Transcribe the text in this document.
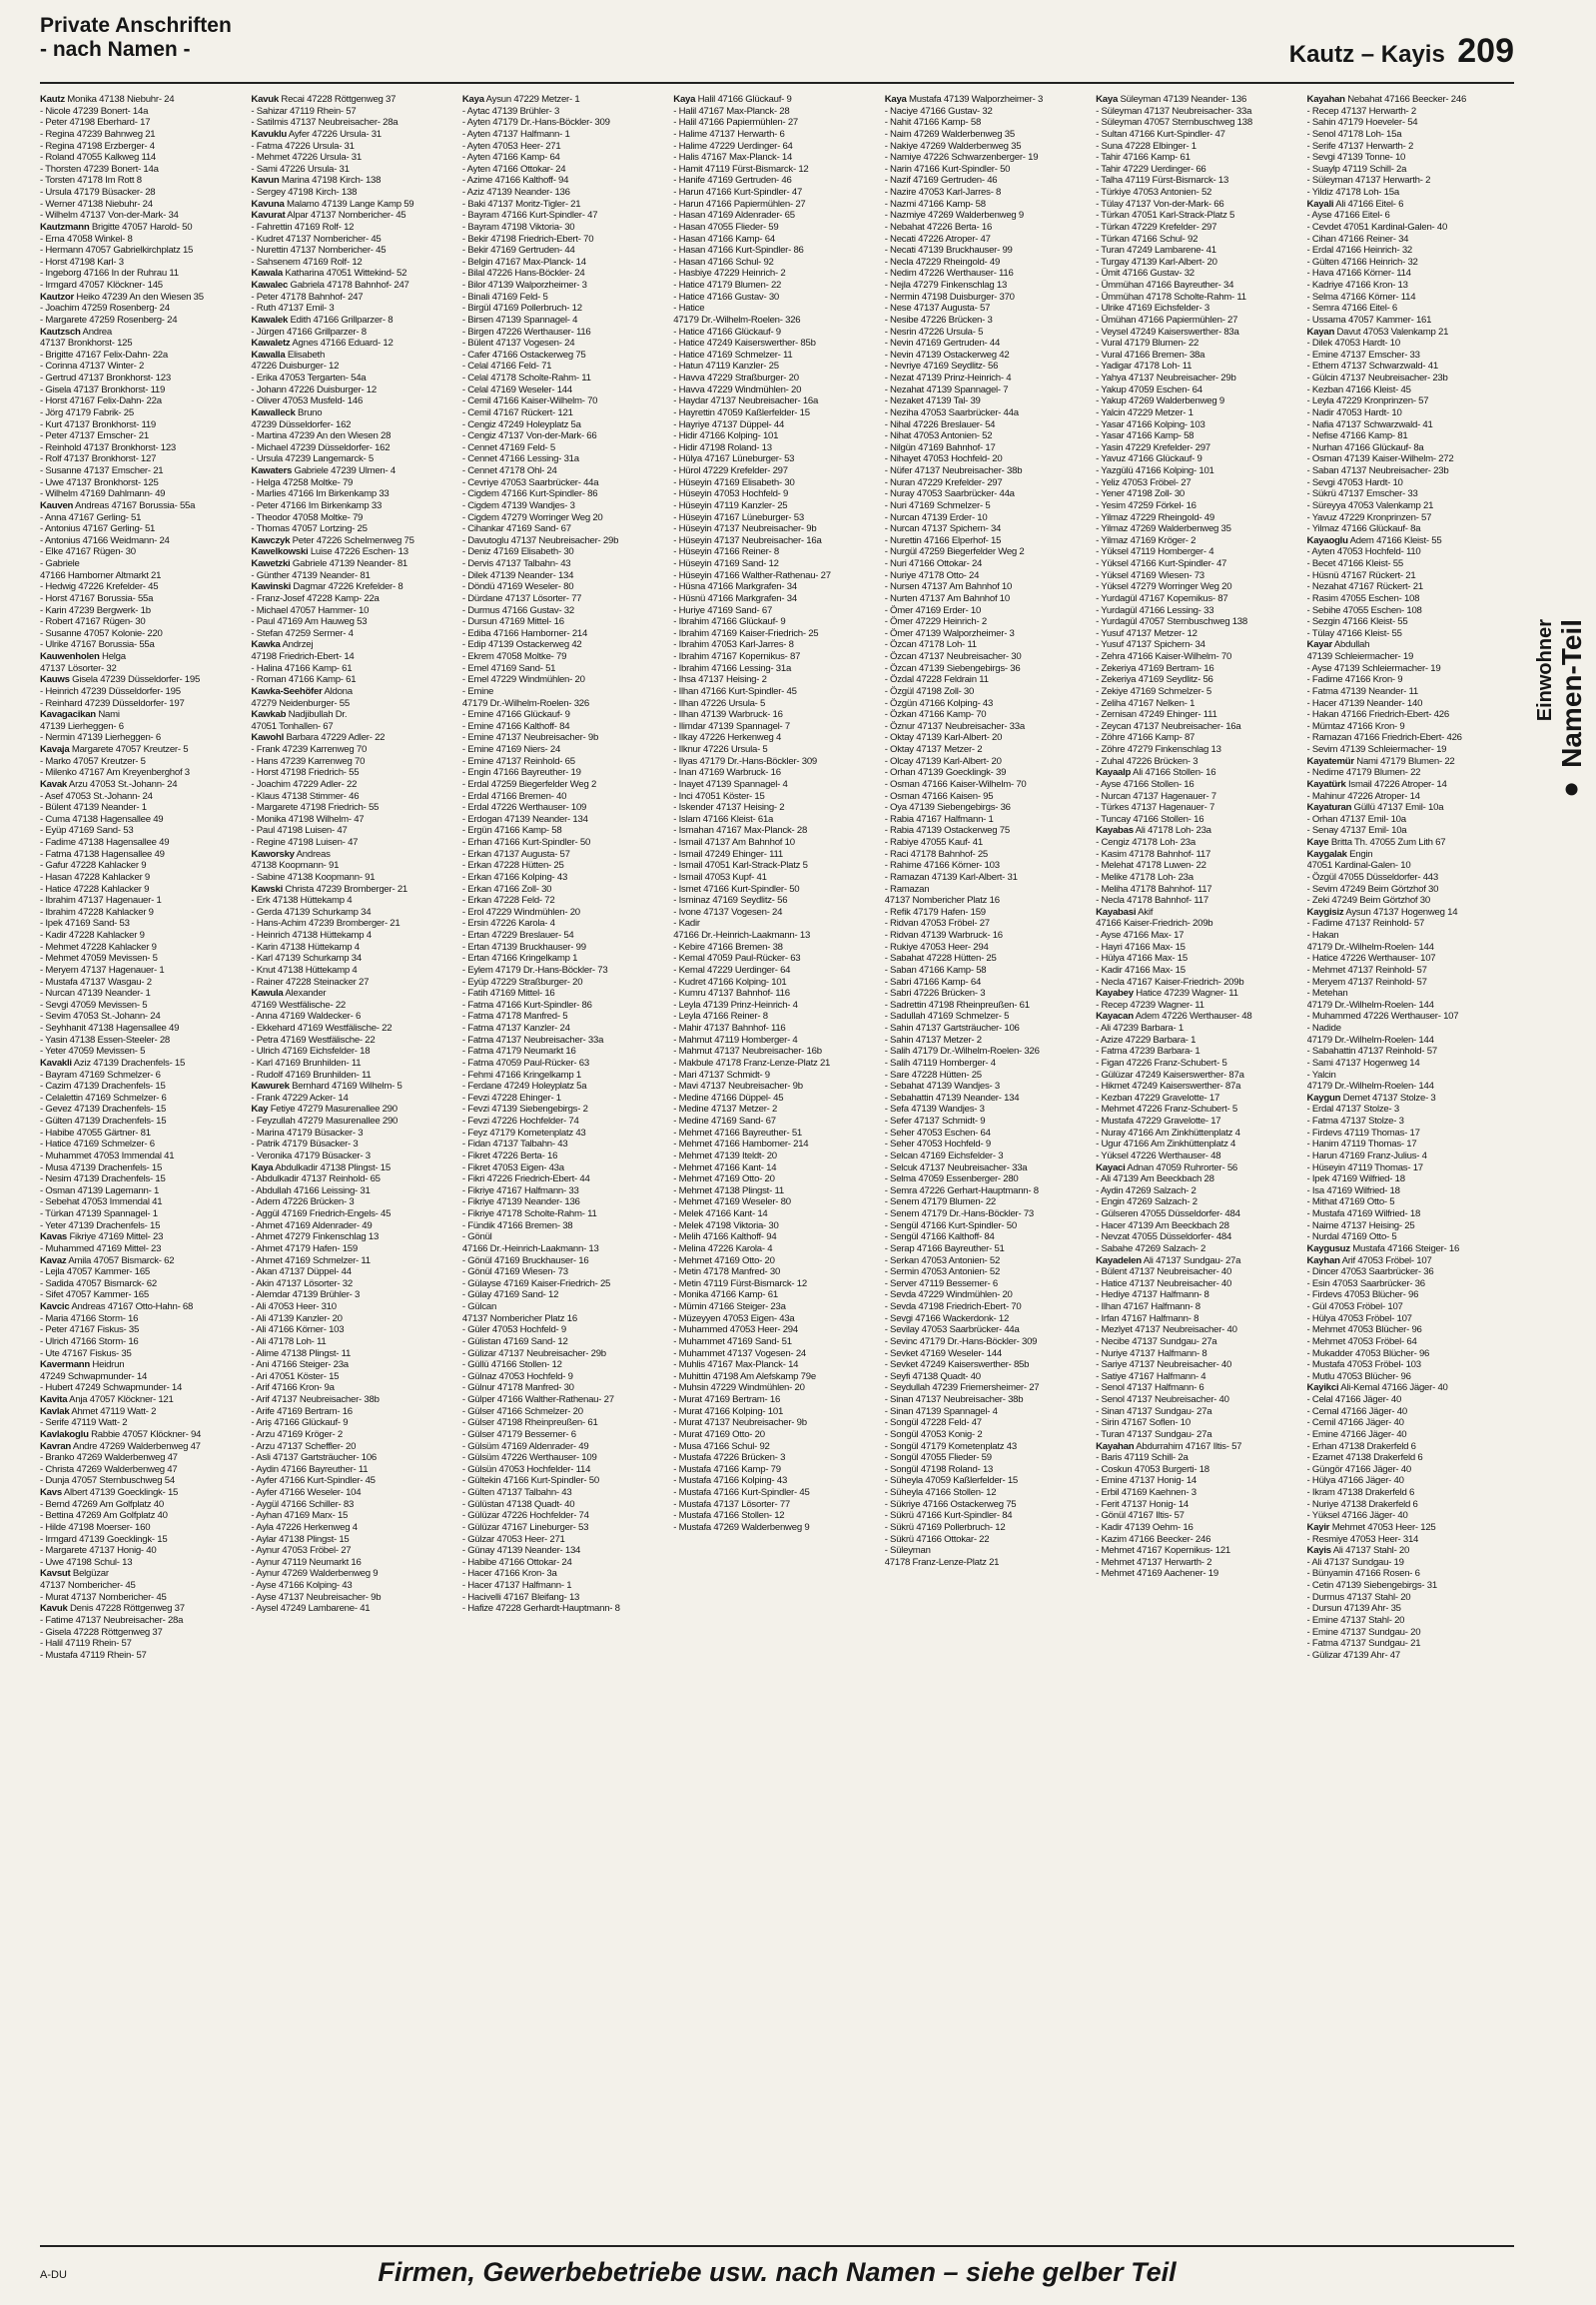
Private Anschriften
- nach Namen -	Kautz – Kayis 209
Kautz Monika 47138 Niebuhr- 24
- Nicole 47239 Bonert- 14a
- Peter 47198 Eberhard- 17
- Regina 47239 Bahnweg 21
- Regina 47198 Erzberger- 4
- Roland 47055 Kalkweg 114
- Thorsten 47239 Bonert- 14a
- Torsten 47178 Im Rott 8
- Ursula 47179 Büsacker- 28
- Werner 47138 Niebuhr- 24
- Wilhelm 47137 Von-der-Mark- 34
Kautzmann Brigitte 47057 Harold- 50
- Erna 47058 Winkel- 8
- Hermann 47057 Gabrielkirchplatz 15
- Horst 47198 Karl- 3
- Ingeborg 47166 In der Ruhrau 11
- Irmgard 47057 Klöckner- 145
Kautzor Heiko 47239 An den Wiesen 35
- Joachim 47259 Rosenberg- 24
- Margarete 47259 Rosenberg- 24
Kautzsch Andrea
47137 Bronkhorst- 125
- Brigitte 47167 Felix-Dahn- 22a
- Corinna 47137 Winter- 2
- Gertrud 47137 Bronkhorst- 123
- Gisela 47137 Bronkhorst- 119
- Horst 47167 Felix-Dahn- 22a
- Jörg 47179 Fabrik- 25
- Kurt 47137 Bronkhorst- 119
- Peter 47137 Emscher- 21
- Reinhold 47137 Bronkhorst- 123
- Rolf 47137 Bronkhorst- 127
- Susanne 47137 Emscher- 21
- Uwe 47137 Bronkhorst- 125
- Wilhelm 47169 Dahlmann- 49
Kauven Andreas 47167 Borussia- 55a
- Anna 47167 Gerling- 51
- Antonius 47167 Gerling- 51
- Antonius 47166 Weidmann- 24
- Elke 47167 Rügen- 30
- Gabriele
47166 Hamborner Altmarkt 21
- Hedwig 47226 Krefelder- 45
- Horst 47167 Borussia- 55a
- Karin 47239 Bergwerk- 1b
- Robert 47167 Rügen- 30
- Susanne 47057 Kolonie- 220
- Ulrike 47167 Borussia- 55a
Kauwenholen Helga
47137 Lösorter- 32
Kauws Gisela 47239 Düsseldorfer- 195
- Heinrich 47239 Düsseldorfer- 195
- Reinhard 47239 Düsseldorfer- 197
Kavagacikan Nami
47139 Lierheggen- 6
- Nermin 47139 Lierheggen- 6
Kavaja Margarete 47057 Kreutzer- 5
- Marko 47057 Kreutzer- 5
- Milenko 47167 Am Kreyenberghof 3
Kavak Arzu 47053 St.-Johann- 24
- Asef 47053 St.-Johann- 24
- Bülent 47139 Neander- 1
- Cuma 47138 Hagensallee 49
- Eyüp 47169 Sand- 53
- Fadime 47138 Hagensallee 49
- Fatma 47138 Hagensallee 49
- Gafur 47228 Kahlacker 9
- Hasan 47228 Kahlacker 9
- Hatice 47228 Kahlacker 9
- Ibrahim 47137 Hagenauer- 1
- Ibrahim 47228 Kahlacker 9
- Ipek 47169 Sand- 53
- Kadir 47228 Kahlacker 9
- Mehmet 47228 Kahlacker 9
- Mehmet 47059 Mevissen- 5
- Meryem 47137 Hagenauer- 1
- Mustafa 47137 Wasgau- 2
- Nurcan 47139 Neander- 1
- Sevgi 47059 Mevissen- 5
- Sevim 47053 St.-Johann- 24
- Seyhhanit 47138 Hagensallee 49
- Yasin 47138 Essen-Steeler- 28
- Yeter 47059 Mevissen- 5
Kavakli Aziz 47139 Drachenfels- 15
- Bayram 47169 Schmelzer- 6
- Cazim 47139 Drachenfels- 15
- Celalettin 47169 Schmelzer- 6
- Gevez 47139 Drachenfels- 15
- Gülten 47139 Drachenfels- 15
- Habibe 47055 Gärtner- 81
- Hatice 47169 Schmelzer- 6
- Muhammet 47053 Immendal 41
- Musa 47139 Drachenfels- 15
- Nesim 47139 Drachenfels- 15
- Osman 47139 Lagemann- 1
- Sebehat 47053 Immendal 41
- Türkan 47139 Spannagel- 1
- Yeter 47139 Drachenfels- 15
Kavas Fikriye 47169 Mittel- 23
- Muhammed 47169 Mittel- 23
Kavaz Amila 47057 Bismarck- 62
- Lejla 47057 Kammer- 165
- Sadida 47057 Bismarck- 62
- Sifet 47057 Kammer- 165
Kavcic Andreas 47167 Otto-Hahn- 68
- Maria 47166 Storm- 16
- Peter 47167 Fiskus- 35
- Ulrich 47166 Storm- 16
- Ute 47167 Fiskus- 35
Kavermann Heidrun
47249 Schwapmunder- 14
- Hubert 47249 Schwapmunder- 14
Kavita Anja 47057 Klöckner- 121
Kavlak Ahmet 47119 Watt- 2
- Serife 47119 Watt- 2
Kavlakoglu Rabbie 47057 Klöckner- 94
Kavran Andre 47269 Walderbenweg 47
- Branko 47269 Walderbenweg 47
- Christa 47269 Walderbenweg 47
- Dunja 47057 Sternbuschweg 54
Kavs Albert 47139 Goecklingk- 15
- Bernd 47269 Am Golfplatz 40
- Bettina 47269 Am Golfplatz 40
- Hilde 47198 Moerser- 160
- Irmgard 47139 Goecklingk- 15
- Margarete 47137 Honig- 40
- Uwe 47198 Schul- 13
Kavsut Belgüzar
47137 Nombericher- 45
- Murat 47137 Nombericher- 45
Kavuk Denis 47228 Röttgenweg 37
- Fatime 47137 Neubreisacher- 28a
- Gisela 47228 Röttgenweg 37
- Halil 47119 Rhein- 57
- Mustafa 47119 Rhein- 57
Kavuk Recai 47228 Röttgenweg 37
- Sahizar 47119 Rhein- 57
- Satilmis 47137 Neubreisacher- 28a
Kavuklu Ayfer 47226 Ursula- 31
- Fatma 47226 Ursula- 31
- Mehmet 47226 Ursula- 31
- Sami 47226 Ursula- 31
Kavun Marina 47198 Kirch- 138
- Sergey 47198 Kirch- 138
Kavuna Malamo 47139 Lange Kamp 59
Kavurat Alpar 47137 Nombericher- 45
- Fahrettin 47169 Rolf- 12
- Kudret 47137 Nombericher- 45
- Nurettin 47137 Nombericher- 45
- Sahsenem 47169 Rolf- 12
Kawala Katharina 47051 Wittekind- 52
Kawalec Gabriela 47178 Bahnhof- 247
- Peter 47178 Bahnhof- 247
- Ruth 47137 Emil- 3
Kawalek Edith 47166 Grillparzer- 8
- Jürgen 47166 Grillparzer- 8
Kawaletz Agnes 47166 Eduard- 12
Kawalla Elisabeth
47226 Duisburger- 12
- Erika 47053 Tergarten- 54a
- Johann 47226 Duisburger- 12
- Oliver 47053 Musfeld- 146
Kawalleck Bruno
47239 Düsseldorfer- 162
- Martina 47239 An den Wiesen 28
- Michael 47239 Düsseldorfer- 162
- Ursula 47239 Langemarck- 5
Kawaters Gabriele 47239 Ulmen- 4
- Helga 47258 Moltke- 79
- Marlies 47166 Im Birkenkamp 33
- Peter 47166 Im Birkenkamp 33
- Theodor 47058 Moltke- 79
- Thomas 47057 Lortzing- 25
Kawczyk Peter 47226 Schelmenweg 75
Kawelkowski Luise 47226 Eschen- 13
Kawetzki Gabriele 47139 Neander- 81
- Günther 47139 Neander- 81
Kawinski Dagmar 47226 Krefelder- 8
- Franz-Josef 47228 Kamp- 22a
- Michael 47057 Hammer- 10
- Paul 47169 Am Hauweg 53
- Stefan 47259 Sermer- 4
Kawka Andrzej
47198 Friedrich-Ebert- 14
- Halina 47166 Kamp- 61
- Roman 47166 Kamp- 61
Kawka-Seehöfer Aldona
47279 Neidenburger- 55
Kawkab Nadjibullah Dr.
47051 Tonhallen- 67
Kawohl Barbara 47229 Adler- 22
- Frank 47239 Karrenweg 70
- Hans 47239 Karrenweg 70
- Horst 47198 Friedrich- 55
- Joachim 47229 Adler- 22
- Klaus 47138 Stimmer- 46
- Margarete 47198 Friedrich- 55
- Monika 47198 Wilhelm- 47
- Paul 47198 Luisen- 47
- Regine 47198 Luisen- 47
Kaworsky Andreas
47138 Koopmann- 91
- Sabine 47138 Koopmann- 91
Kawski Christa 47239 Bromberger- 21
- Erk 47138 Hüttekamp 4
- Gerda 47139 Schurkamp 34
- Hans-Achim 47239 Bromberger- 21
- Heinrich 47138 Hüttekamp 4
- Karin 47138 Hüttekamp 4
- Karl 47139 Schurkamp 34
- Knut 47138 Hüttekamp 4
- Rainer 47228 Steinacker 27
Kawula Alexander
47169 Westfälische- 22
- Anna 47169 Waldecker- 6
- Ekkehard 47169 Westfälische- 22
- Petra 47169 Westfälische- 22
- Ulrich 47169 Eichsfelder- 18
- Karl 47169 Brunhilden- 11
- Rudolf 47169 Brunhilden- 11
Kawurek Bernhard 47169 Wilhelm- 5
- Frank 47229 Acker- 14
Kay Fetiye 47279 Masurenallee 290
- Feyzullah 47279 Masurenallee 290
- Marina 47179 Büsacker- 3
- Patrik 47179 Büsacker- 3
- Veronika 47179 Büsacker- 3
Kaya Abdulkadir 47138 Plingst- 15
- Abdulkadir 47137 Reinhold- 65
- Abdullah 47166 Leissing- 31
- Adem 47226 Brücken- 3
- Aggül 47169 Friedrich-Engels- 45
- Ahmet 47169 Aldenrader- 49
- Ahmet 47279 Finkenschlag 13
- Ahmet 47179 Hafen- 159
- Ahmet 47169 Schmelzer- 11
- Akan 47137 Düppel- 44
- Akin 47137 Lösorter- 32
- Alemdar 47139 Brühler- 3
- Ali 47053 Heer- 310
- Ali 47139 Kanzler- 20
- Ali 47166 Körner- 103
- Ali 47178 Loh- 11
- Alime 47138 Plingst- 11
- Ani 47166 Steiger- 23a
- Ari 47051 Köster- 15
- Arif 47166 Kron- 9a
- Arif 47137 Neubreisacher- 38b
- Arife 47169 Bertram- 16
- Ariş 47166 Glückauf- 9
- Arzu 47169 Kröger- 2
- Arzu 47137 Scheffler- 20
- Asli 47137 Gartsträucher- 106
- Aydin 47166 Bayreuther- 11
- Ayfer 47166 Kurt-Spindler- 45
- Ayfer 47166 Weseler- 104
- Aygül 47166 Schiller- 83
- Ayhan 47169 Marx- 15
- Ayla 47226 Herkenweg 4
- Aylar 47138 Plingst- 15
- Aynur 47053 Fröbel- 27
- Aynur 47119 Neumarkt 16
- Aynur 47269 Walderbenweg 9
- Ayse 47166 Kolping- 43
- Ayse 47137 Neubreisacher- 9b
- Aysel 47249 Lambarene- 41
Kaya Aysun 47229 Metzer- 1
- Aytac 47139 Brühler- 3
- Ayten 47179 Dr.-Hans-Böckler- 309
- Ayten 47137 Halfmann- 1
- Ayten 47053 Heer- 271
- Ayten 47166 Kamp- 64
- Ayten 47166 Ottokar- 24
- Azime 47166 Kalthoff- 94
- Aziz 47139 Neander- 136
- Baki 47137 Moritz-Tigler- 21
- Bayram 47166 Kurt-Spindler- 47
- Bayram 47198 Viktoria- 30
- Bekir 47198 Friedrich-Ebert- 70
- Bekir 47169 Gertruden- 44
- Belgin 47167 Max-Planck- 14
- Bilal 47226 Hans-Böckler- 24
- Bilor 47139 Walporzheimer- 3
- Binali 47169 Feld- 5
- Birgül 47169 Pollerbruch- 12
- Birsen 47139 Spannagel- 4
- Birgen 47226 Werthauser- 116
- Bülent 47137 Vogesen- 24
- Cafer 47166 Ostackerweg 75
- Celal 47166 Feld- 71
- Celal 47178 Scholte-Rahm- 11
- Celal 47169 Weseler- 144
- Cemil 47166 Kaiser-Wilhelm- 70
- Cemil 47167 Rückert- 121
- Cengiz 47249 Holeyplatz 5a
- Cengiz 47137 Von-der-Mark- 66
- Cennet 47169 Feld- 5
- Cennet 47166 Lessing- 31a
- Cennet 47178 Ohl- 24
- Cevriye 47053 Saarbrücker- 44a
- Cigdem 47166 Kurt-Spindler- 86
- Cigdem 47139 Wandjes- 3
- Cigdem 47279 Worringer Weg 20
- Cihankar 47169 Sand- 67
- Davutoglu 47137 Neubreisacher- 29b
- Deniz 47169 Elisabeth- 30
- Dervis 47137 Talbahn- 43
- Dilek 47139 Neander- 134
- Döndü 47169 Weseler- 80
- Dürdane 47137 Lösorter- 77
- Durmus 47166 Gustav- 32
- Dursun 47169 Mittel- 16
- Ediba 47166 Hamborner- 214
- Edip 47139 Ostackerweg 42
- Ekrem 47058 Moltke- 79
- Emel 47169 Sand- 51
- Emel 47229 Windmühlen- 20
- Emine
47179 Dr.-Wilhelm-Roelen- 326
- Emine 47166 Glückauf- 9
- Emine 47166 Kalthoff- 84
- Emine 47137 Neubreisacher- 9b
- Emine 47169 Niers- 24
- Emine 47137 Reinhold- 65
- Engin 47166 Bayreuther- 19
- Erdal 47259 Biegerfelder Weg 2
- Erdal 47166 Bremen- 40
- Erdal 47226 Werthauser- 109
- Erdogan 47139 Neander- 134
- Ergün 47166 Kamp- 58
- Erhan 47166 Kurt-Spindler- 50
- Erkan 47137 Augusta- 57
- Erkan 47228 Hütten- 25
- Erkan 47166 Kolping- 43
- Erkan 47166 Zoll- 30
- Erkan 47228 Feld- 72
- Erol 47229 Windmühlen- 20
- Ersin 47226 Karola- 4
- Ertan 47229 Breslauer- 54
- Ertan 47139 Bruckhauser- 99
- Ertan 47166 Kringelkamp 1
- Eylem 47179 Dr.-Hans-Böckler- 73
- Eyüp 47229 Straßburger- 20
- Fatih 47169 Mittel- 16
- Fatma 47166 Kurt-Spindler- 86
- Fatma 47178 Manfred- 5
- Fatma 47137 Kanzler- 24
- Fatma 47137 Neubreisacher- 33a
- Fatma 47179 Neumarkt 16
- Fatma 47059 Paul-Rücker- 63
- Fehmi 47166 Kringelkamp 1
- Ferdane 47249 Holeyplatz 5a
- Fevzi 47228 Ehinger- 1
- Fevzi 47139 Siebengebirgs- 2
- Fevzi 47226 Hochfelder- 74
- Feyz 47179 Kometenplatz 43
- Fidan 47137 Talbahn- 43
- Fikret 47226 Berta- 16
- Fikret 47053 Eigen- 43a
- Fikri 47226 Friedrich-Ebert- 44
- Fikriye 47167 Halfmann- 33
- Fikriye 47139 Neander- 136
- Fikriye 47178 Scholte-Rahm- 11
- Fündik 47166 Bremen- 38
- Gönül
47166 Dr.-Heinrich-Laakmann- 13
- Gönül 47169 Bruckhauser- 16
- Gönül 47169 Wiesen- 73
- Gülayse 47169 Kaiser-Friedrich- 25
- Gülay 47169 Sand- 12
- Gülcan
47137 Nombericher Platz 16
- Güler 47053 Hochfeld- 9
- Gülistan 47169 Sand- 12
- Gülizar 47137 Neubreisacher- 29b
- Güllü 47166 Stollen- 12
- Gülnaz 47053 Hochfeld- 9
- Gülnur 47178 Manfred- 30
- Gülper 47166 Walther-Rathenau- 27
- Gülser 47166 Schmelzer- 20
- Gülser 47198 Rheinpreußen- 61
- Gülser 47179 Bessemer- 6
- Gülsüm 47169 Aldenrader- 49
- Gülsüm 47226 Werthauser- 109
- Gülsün 47053 Hochfelder- 114
- Gültekin 47166 Kurt-Spindler- 50
- Gülten 47137 Talbahn- 43
- Gülüstan 47138 Quadt- 40
- Gülüzar 47226 Hochfelder- 74
- Gülüzar 47167 Lineburger- 53
- Gülzar 47053 Heer- 271
- Günay 47139 Neander- 134
- Habibe 47166 Ottokar- 24
- Hacer 47166 Kron- 3a
- Hacer 47137 Halfmann- 1
- Hacivelli 47167 Bleifang- 13
- Hafize 47228 Gerhardt-Hauptmann- 8
Kaya Halil 47166 Glückauf- 9
- Halil 47167 Max-Planck- 28
- Halil 47166 Papiermühlen- 27
- Halime 47137 Herwarth- 6
- Halime 47229 Uerdinger- 64
- Halis 47167 Max-Planck- 14
- Hamit 47119 Fürst-Bismarck- 12
- Hanife 47169 Gertruden- 46
- Harun 47166 Kurt-Spindler- 47
- Harun 47166 Papiermühlen- 27
- Hasan 47169 Aldenrader- 65
- Hasan 47055 Flieder- 59
- Hasan 47166 Kamp- 64
- Hasan 47166 Kurt-Spindler- 86
- Hasan 47166 Schul- 92
- Hasbiye 47229 Heinrich- 2
- Hatice 47179 Blumen- 22
- Hatice 47166 Gustav- 30
- Hatice
47179 Dr.-Wilhelm-Roelen- 326
- Hatice 47166 Glückauf- 9
- Hatice 47249 Kaiserswerther- 85b
- Hatice 47169 Schmelzer- 11
- Hatun 47119 Kanzler- 25
- Havva 47229 Straßburger- 20
- Havva 47229 Windmühlen- 20
- Haydar 47137 Neubreisacher- 16a
- Hayrettin 47059 Kaßlerfelder- 15
- Hayriye 47137 Düppel- 44
- Hidir 47166 Kolping- 101
- Hidir 47198 Roland- 13
- Hülya 47167 Lüneburger- 53
- Hürol 47229 Krefelder- 297
- Hüseyin 47169 Elisabeth- 30
- Hüseyin 47053 Hochfeld- 9
- Hüseyin 47119 Kanzler- 25
- Hüseyin 47167 Lüneburger- 53
- Hüseyin 47137 Neubreisacher- 9b
- Hüseyin 47137 Neubreisacher- 16a
- Hüseyin 47166 Reiner- 8
- Hüseyin 47169 Sand- 12
- Hüseyin 47166 Walther-Rathenau- 27
- Hüsna 47166 Markgrafen- 34
- Hüsnü 47166 Markgrafen- 34
- Huriye 47169 Sand- 67
- Ibrahim 47166 Glückauf- 9
- Ibrahim 47169 Kaiser-Friedrich- 25
- Ibrahim 47053 Karl-Jarres- 8
- Ibrahim 47167 Kopernikus- 87
- Ibrahim 47166 Lessing- 31a
- Ihsa 47137 Heising- 2
- Ilhan 47166 Kurt-Spindler- 45
- Ilhan 47226 Ursula- 5
- Ilhan 47139 Warbruck- 16
- Ilimdar 47139 Spannagel- 7
- Ilkay 47226 Herkenweg 4
- Ilknur 47226 Ursula- 5
- Ilyas 47179 Dr.-Hans-Böckler- 309
- Inan 47169 Warbruck- 16
- Inayet 47139 Spannagel- 4
- Inci 47051 Köster- 15
- Iskender 47137 Heising- 2
- Islam 47166 Kleist- 61a
- Ismahan 47167 Max-Planck- 28
- Ismail 47137 Am Bahnhof 10
- Ismail 47249 Ehinger- 111
- Ismail 47051 Karl-Strack-Platz 5
- Ismail 47053 Kupf- 41
- Ismet 47166 Kurt-Spindler- 50
- Isminaz 47169 Seydlitz- 56
- Ivone 47137 Vogesen- 24
- Kadir
47166 Dr.-Heinrich-Laakmann- 13
- Kebire 47166 Bremen- 38
- Kemal 47059 Paul-Rücker- 63
- Kemal 47229 Uerdinger- 64
- Kudret 47166 Kolping- 101
- Kumru 47137 Bahnhof- 116
- Leyla 47139 Prinz-Heinrich- 4
- Leyla 47166 Reiner- 8
- Mahir 47137 Bahnhof- 116
- Mahmut 47119 Homberger- 4
- Mahmut 47137 Neubreisacher- 16b
- Makbule 47178 Franz-Lenze-Platz 21
- Mari 47137 Schmidt- 9
- Mavi 47137 Neubreisacher- 9b
- Medine 47166 Düppel- 45
- Medine 47137 Metzer- 2
- Medine 47169 Sand- 67
- Mehmet 47166 Bayreuther- 51
- Mehmet 47166 Hamborner- 214
- Mehmet 47139 Iteldt- 20
- Mehmet 47166 Kant- 14
- Mehmet 47169 Otto- 20
- Mehmet 47138 Plingst- 11
- Mehmet 47169 Weseler- 80
- Melek 47166 Kant- 14
- Melek 47198 Viktoria- 30
- Melih 47166 Kalthoff- 94
- Melina 47226 Karola- 4
- Mehmet 47169 Otto- 20
- Metin 47178 Manfred- 30
- Metin 47119 Fürst-Bismarck- 12
- Monika 47166 Kamp- 61
- Mümin 47166 Steiger- 23a
- Müzeyyen 47053 Eigen- 43a
- Muhammed 47053 Heer- 294
- Muhammet 47169 Sand- 51
- Muhammet 47137 Vogesen- 24
- Muhlis 47167 Max-Planck- 14
- Muhittin 47198 Am Alefskamp 79e
- Muhsin 47229 Windmühlen- 20
- Murat 47169 Bertram- 16
- Murat 47166 Kolping- 101
- Murat 47137 Neubreisacher- 9b
- Murat 47169 Otto- 20
- Musa 47166 Schul- 92
- Mustafa 47226 Brücken- 3
- Mustafa 47166 Kamp- 79
- Mustafa 47166 Kolping- 43
- Mustafa 47166 Kurt-Spindler- 45
- Mustafa 47137 Lösorter- 77
- Mustafa 47166 Stollen- 12
- Mustafa 47269 Walderbenweg 9
Kaya Mustafa 47139 Walporzheimer- 3
- Naciye 47166 Gustav- 32
- Nahit 47166 Kamp- 58
- Naim 47269 Walderbenweg 35
- Nakiye 47269 Walderbenweg 35
- Namiye 47226 Schwarzenberger- 19
- Narin 47166 Kurt-Spindler- 50
- Nazif 47169 Gertruden- 46
- Nazire 47053 Karl-Jarres- 8
- Nazmi 47166 Kamp- 58
- Nazmiye 47269 Walderbenweg 9
- Nebahat 47226 Berta- 16
- Necati 47226 Atroper- 47
- Necati 47139 Bruckhauser- 99
- Necla 47229 Rheingold- 49
- Nedim 47226 Werthauser- 116
- Nejla 47279 Finkenschlag 13
- Nermin 47198 Duisburger- 370
- Nese 47137 Augusta- 57
- Nesibe 47226 Brücken- 3
- Nesrin 47226 Ursula- 5
- Nevin 47169 Gertruden- 44
- Nevin 47139 Ostackerweg 42
- Nevriye 47169 Seydlitz- 56
- Nezat 47139 Prinz-Heinrich- 4
- Nezahat 47139 Spannagel- 7
- Nezaket 47139 Tal- 39
- Neziha 47053 Saarbrücker- 44a
- Nihal 47226 Breslauer- 54
- Nihat 47053 Antonien- 52
- Nilgün 47169 Bahnhof- 17
- Nihayet 47053 Hochfeld- 20
- Nüfer 47137 Neubreisacher- 38b
- Nuran 47229 Krefelder- 297
- Nuray 47053 Saarbrücker- 44a
- Nuri 47169 Schmelzer- 5
- Nurcan 47139 Erder- 10
- Nurcan 47137 Spichern- 34
- Nurettin 47166 Elperhof- 15
- Nurgül 47259 Biegerfelder Weg 2
- Nuri 47166 Ottokar- 24
- Nuriye 47178 Otto- 24
- Nursen 47137 Am Bahnhof 10
- Nurten 47137 Am Bahnhof 10
- Ömer 47169 Erder- 10
- Ömer 47229 Heinrich- 2
- Ömer 47139 Walporzheimer- 3
- Özcan 47178 Loh- 11
- Özcan 47137 Neubreisacher- 30
- Özcan 47139 Siebengebirgs- 36
- Özdal 47228 Feldrain 11
- Özgül 47198 Zoll- 30
- Özgün 47166 Kolping- 43
- Özkan 47166 Kamp- 70
- Öznur 47137 Neubreisacher- 33a
- Oktay 47139 Karl-Albert- 20
- Oktay 47137 Metzer- 2
- Olcay 47139 Karl-Albert- 20
- Orhan 47139 Goecklingk- 39
- Osman 47166 Kaiser-Wilhelm- 70
- Osman 47166 Kaisen- 95
- Oya 47139 Siebengebirgs- 36
- Rabia 47167 Halfmann- 1
- Rabia 47139 Ostackerweg 75
- Rabiye 47055 Kauf- 41
- Raci 47178 Bahnhof- 25
- Rahime 47166 Körner- 103
- Ramazan 47139 Karl-Albert- 31
- Ramazan
47137 Nombericher Platz 16
- Refik 47179 Hafen- 159
- Ridvan 47053 Fröbel- 27
- Ridvan 47139 Warbruck- 16
- Rukiye 47053 Heer- 294
- Sabahat 47228 Hütten- 25
- Saban 47166 Kamp- 58
- Sabri 47166 Kamp- 64
- Sabri 47226 Brücken- 3
- Sadrettin 47198 Rheinpreußen- 61
- Sadullah 47169 Schmelzer- 5
- Sahin 47137 Gartsträucher- 106
- Sahin 47137 Metzer- 2
- Salih 47179 Dr.-Wilhelm-Roelen- 326
- Salih 47119 Homberger- 4
- Sare 47228 Hütten- 25
- Sebahat 47139 Wandjes- 3
- Sebahattin 47139 Neander- 134
- Sefa 47139 Wandjes- 3
- Sefer 47137 Schmidt- 9
- Seher 47053 Eschen- 64
- Seher 47053 Hochfeld- 9
- Selcan 47169 Eichsfelder- 3
- Selcuk 47137 Neubreisacher- 33a
- Selma 47059 Essenberger- 280
- Semra 47226 Gerhart-Hauptmann- 8
- Senem 47179 Blumen- 22
- Senem 47179 Dr.-Hans-Böckler- 73
- Sengül 47166 Kurt-Spindler- 50
- Sengül 47166 Kalthoff- 84
- Serap 47166 Bayreuther- 51
- Serkan 47053 Antonien- 52
- Sermin 47053 Antonien- 52
- Server 47119 Bessemer- 6
- Sevda 47229 Windmühlen- 20
- Sevda 47198 Friedrich-Ebert- 70
- Sevgi 47166 Wackerdonk- 12
- Sevilay 47053 Saarbrücker- 44a
- Sevinc 47179 Dr.-Hans-Böckler- 309
- Sevket 47169 Weseler- 144
- Sevket 47249 Kaiserswerther- 85b
- Seyfi 47138 Quadt- 40
- Seydullah 47239 Friemersheimer- 27
- Sinan 47137 Neubreisacher- 38b
- Sinan 47139 Spannagel- 4
- Songül 47228 Feld- 47
- Songül 47053 Konig- 2
- Songül 47179 Kometenplatz 43
- Songül 47055 Flieder- 59
- Songül 47198 Roland- 13
- Süheyla 47059 Kaßlerfelder- 15
- Süheyla 47166 Stollen- 12
- Sükriye 47166 Ostackerweg 75
- Sükrü 47166 Kurt-Spindler- 84
- Sükrü 47169 Pollerbruch- 12
- Sükrü 47166 Ottokar- 22
- Süleyman
47178 Franz-Lenze-Platz 21
Kaya Süleyman 47139 Neander- 136
- Süleyman 47137 Neubreisacher- 33a
- Süleyman 47057 Sternbuschweg 138
- Sultan 47166 Kurt-Spindler- 47
- Suna 47228 Elbinger- 1
- Tahir 47166 Kamp- 61
- Tahir 47229 Uerdinger- 66
- Talha 47119 Fürst-Bismarck- 13
- Türkiye 47053 Antonien- 52
- Tülay 47137 Von-der-Mark- 66
- Türkan 47051 Karl-Strack-Platz 5
- Türkan 47229 Krefelder- 297
- Türkan 47166 Schul- 92
- Turan 47249 Lambarene- 41
- Turgay 47139 Karl-Albert- 20
- Ümit 47166 Gustav- 32
- Ümmühan 47166 Bayreuther- 34
- Ümmühan 47178 Scholte-Rahm- 11
- Ulrike 47169 Eichsfelder- 3
- Ümühan 47166 Papiermühlen- 27
- Veysel 47249 Kaiserswerther- 83a
- Vural 47179 Blumen- 22
- Vural 47166 Bremen- 38a
- Yadigar 47178 Loh- 11
- Yahya 47137 Neubreisacher- 29b
- Yakup 47059 Eschen- 64
- Yakup 47269 Walderbenweg 9
- Yalcin 47229 Metzer- 1
- Yasar 47166 Kolping- 103
- Yasar 47166 Kamp- 58
- Yasin 47229 Krefelder- 297
- Yavuz 47166 Glückauf- 9
- Yazgülü 47166 Kolping- 101
- Yeliz 47053 Fröbel- 27
- Yener 47198 Zoll- 30
- Yesim 47259 Förkel- 16
- Yilmaz 47229 Rheingold- 49
- Yilmaz 47269 Walderbenweg 35
- Yilmaz 47169 Kröger- 2
- Yüksel 47119 Homberger- 4
- Yüksel 47166 Kurt-Spindler- 47
- Yüksel 47169 Wiesen- 73
- Yüksel 47279 Worringer Weg 20
- Yurdagül 47167 Kopernikus- 87
- Yurdagül 47166 Lessing- 33
- Yurdagül 47057 Sternbuschweg 138
- Yusuf 47137 Metzer- 12
- Yusuf 47137 Spichern- 34
- Zehra 47166 Kaiser-Wilhelm- 70
- Zekeriya 47169 Bertram- 16
- Zekeriya 47169 Seydlitz- 56
- Zekiye 47169 Schmelzer- 5
- Zeliha 47167 Nelken- 1
- Zernisan 47249 Ehinger- 111
- Zeycan 47137 Neubreisacher- 16a
- Zöhre 47166 Kamp- 87
- Zöhre 47279 Finkenschlag 13
- Zuhal 47226 Brücken- 3
Kayaalp Ali 47166 Stollen- 16
- Ayse 47166 Stollen- 16
- Nurcan 47137 Hagenauer- 7
- Türkes 47137 Hagenauer- 7
- Tuncay 47166 Stollen- 16
Kayabas Ali 47178 Loh- 23a
- Cengiz 47178 Loh- 23a
- Kasim 47178 Bahnhof- 117
- Melehat 47178 Luwen- 22
- Melike 47178 Loh- 23a
- Meliha 47178 Bahnhof- 117
- Necla 47178 Bahnhof- 117
Kayabasi Akif
47166 Kaiser-Friedrich- 209b
- Ayse 47166 Max- 17
- Hayri 47166 Max- 15
- Hülya 47166 Max- 15
- Kadir 47166 Max- 15
- Necla 47167 Kaiser-Friedrich- 209b
Kayabey Hatice 47239 Wagner- 11
- Recep 47239 Wagner- 11
Kayacan Adem 47226 Werthauser- 48
- Ali 47239 Barbara- 1
- Azize 47229 Barbara- 1
- Fatma 47239 Barbara- 1
- Figan 47226 Franz-Schubert- 5
- Gülüzar 47249 Kaiserswerther- 87a
- Hikmet 47249 Kaiserswerther- 87a
- Kezban 47229 Gravelotte- 17
- Mehmet 47226 Franz-Schubert- 5
- Mustafa 47229 Gravelotte- 17
- Nuray 47166 Am Zinkhüttenplatz 4
- Ugur 47166 Am Zinkhüttenplatz 4
- Yüksel 47226 Werthauser- 48
Kayaci Adnan 47059 Ruhrorter- 56
- Ali 47139 Am Beeckbach 28
- Aydin 47269 Salzach- 2
- Engin 47269 Salzach- 2
- Gülseren 47055 Düsseldorfer- 484
- Hacer 47139 Am Beeckbach 28
- Nevzat 47055 Düsseldorfer- 484
- Sabahe 47269 Salzach- 2
Kayadelen Ali 47137 Sundgau- 27a
- Bülent 47137 Neubreisacher- 40
- Hatice 47137 Neubreisacher- 40
- Hediye 47137 Halfmann- 8
- Ilhan 47167 Halfmann- 8
- Irfan 47167 Halfmann- 8
- Mezlyet 47137 Neubreisacher- 40
- Necibe 47137 Sundgau- 27a
- Nuriye 47137 Halfmann- 8
- Sariye 47137 Neubreisacher- 40
- Satiye 47167 Halfmann- 4
- Senol 47137 Halfmann- 6
- Senol 47137 Neubreisacher- 40
- Sinan 47137 Sundgau- 27a
- Sirin 47167 Soflen- 10
- Turan 47137 Sundgau- 27a
Kayahan Abdurrahim 47167 Iltis- 57
- Baris 47119 Schill- 2a
- Coskun 47053 Burgerti- 18
- Emine 47137 Honig- 14
- Erbil 47169 Kaehnen- 3
- Ferit 47137 Honig- 14
- Gönül 47167 Iltis- 57
- Kadir 47139 Oehm- 16
- Kazim 47166 Beecker- 246
- Mehmet 47167 Kopernikus- 121
- Mehmet 47137 Herwarth- 2
- Mehmet 47169 Aachener- 19
Kayahan Nebahat 47166 Beecker- 246
- Recep 47137 Herwarth- 2
- Sahin 47179 Hoeveler- 54
- Senol 47178 Loh- 15a
- Serife 47137 Herwarth- 2
- Sevgi 47139 Tonne- 10
- Suaylp 47119 Schill- 2a
- Süleyman 47137 Herwarth- 2
- Yildiz 47178 Loh- 15a
Kayali Ali 47166 Eitel- 6
- Ayse 47166 Eitel- 6
- Cevdet 47051 Kardinal-Galen- 40
- Cihan 47166 Reiner- 34
- Erdal 47166 Heinrich- 32
- Gülten 47166 Heinrich- 32
- Hava 47166 Körner- 114
- Kadriye 47166 Kron- 13
- Selma 47166 Körner- 114
- Semra 47166 Eitel- 6
- Ussama 47057 Kammer- 161
Kayan Davut 47053 Valenkamp 21
- Dilek 47053 Hardt- 10
- Emine 47137 Emscher- 33
- Ethem 47137 Schwarzwald- 41
- Gülcin 47137 Neubreisacher- 23b
- Kezban 47166 Kleist- 45
- Leyla 47229 Kronprinzen- 57
- Nadir 47053 Hardt- 10
- Nafia 47137 Schwarzwald- 41
- Nefise 47166 Kamp- 81
- Nurhan 47166 Glückauf- 8a
- Osman 47139 Kaiser-Wilhelm- 272
- Saban 47137 Neubreisacher- 23b
- Sevgi 47053 Hardt- 10
- Sükrü 47137 Emscher- 33
- Süreyya 47053 Valenkamp 21
- Yavuz 47229 Kronprinzen- 57
- Yilmaz 47166 Glückauf- 8a
Kayaoglu Adem 47166 Kleist- 55
- Ayten 47053 Hochfeld- 110
- Becet 47166 Kleist- 55
- Hüsnü 47167 Rückert- 21
- Nezahat 47167 Rückert- 21
- Rasim 47055 Eschen- 108
- Sebihe 47055 Eschen- 108
- Sezgin 47166 Kleist- 55
- Tülay 47166 Kleist- 55
Kayar Abdullah
47139 Schleiermacher- 19
- Ayse 47139 Schleiermacher- 19
- Fadime 47166 Kron- 9
- Fatma 47139 Neander- 11
- Hacer 47139 Neander- 140
- Hakan 47166 Friedrich-Ebert- 426
- Mümtaz 47166 Kron- 9
- Ramazan 47166 Friedrich-Ebert- 426
- Sevim 47139 Schleiermacher- 19
Kayatemür Nami 47179 Blumen- 22
- Nedime 47179 Blumen- 22
Kayatürk Ismail 47226 Atroper- 14
- Mahinur 47226 Atroper- 14
Kayaturan Güllü 47137 Emil- 10a
- Orhan 47137 Emil- 10a
- Senay 47137 Emil- 10a
Kaye Britta Th. 47055 Zum Lith 67
Kaygalak Engin
47051 Kardinal-Galen- 10
- Özgül 47055 Düsseldorfer- 443
- Sevim 47249 Beim Görtzhof 30
- Zeki 47249 Beim Görtzhof 30
Kaygisiz Aysun 47137 Hogenweg 14
- Fadime 47137 Reinhold- 57
- Hakan
47179 Dr.-Wilhelm-Roelen- 144
- Hatice 47226 Werthauser- 107
- Mehmet 47137 Reinhold- 57
- Meryem 47137 Reinhold- 57
- Metehan
47179 Dr.-Wilhelm-Roelen- 144
- Muhammed 47226 Werthauser- 107
- Nadide
47179 Dr.-Wilhelm-Roelen- 144
- Sabahattin 47137 Reinhold- 57
- Sami 47137 Hogenweg 14
- Yalcin
47179 Dr.-Wilhelm-Roelen- 144
Kaygun Demet 47137 Stolze- 3
- Erdal 47137 Stolze- 3
- Fatma 47137 Stolze- 3
- Firdevs 47119 Thomas- 17
- Hanim 47119 Thomas- 17
- Harun 47169 Franz-Julius- 4
- Hüseyin 47119 Thomas- 17
- Ipek 47169 Wilfried- 18
- Isa 47169 Wilfried- 18
- Mithat 47169 Otto- 5
- Mustafa 47169 Wilfried- 18
- Naime 47137 Heising- 25
- Nurdal 47169 Otto- 5
Kaygusuz Mustafa 47166 Steiger- 16
Kayhan Arif 47053 Fröbel- 107
- Dincer 47053 Saarbrücker- 36
- Esin 47053 Saarbrücker- 36
- Firdevs 47053 Blücher- 96
- Gül 47053 Fröbel- 107
- Hülya 47053 Fröbel- 107
- Mehmet 47053 Blücher- 96
- Mehmet 47053 Fröbel- 64
- Mukadder 47053 Blücher- 96
- Mustafa 47053 Fröbel- 103
- Mutlu 47053 Blücher- 96
Kayikci Ali-Kemal 47166 Jäger- 40
- Celal 47166 Jäger- 40
- Cemal 47166 Jäger- 40
- Cemil 47166 Jäger- 40
- Emine 47166 Jäger- 40
- Erhan 47138 Drakerfeld 6
- Ezamet 47138 Drakerfeld 6
- Güngör 47166 Jäger- 40
- Hülya 47166 Jäger- 40
- Ikram 47138 Drakerfeld 6
- Nuriye 47138 Drakerfeld 6
- Yüksel 47166 Jäger- 40
Kayir Mehmet 47053 Heer- 125
- Resmiye 47053 Heer- 314
Kayis Ali 47137 Stahl- 20
- Ali 47137 Sundgau- 19
- Bünyamin 47166 Rosen- 6
- Cetin 47139 Siebengebirgs- 31
- Durmus 47137 Stahl- 20
- Dursun 47139 Ahr- 35
- Emine 47137 Stahl- 20
- Emine 47137 Sundgau- 20
- Fatma 47137 Sundgau- 21
- Gülizar 47139 Ahr- 47
Einwohner
● Namen-Teil
A-DU	Firmen, Gewerbebetriebe usw. nach Namen – siehe gelber Teil
